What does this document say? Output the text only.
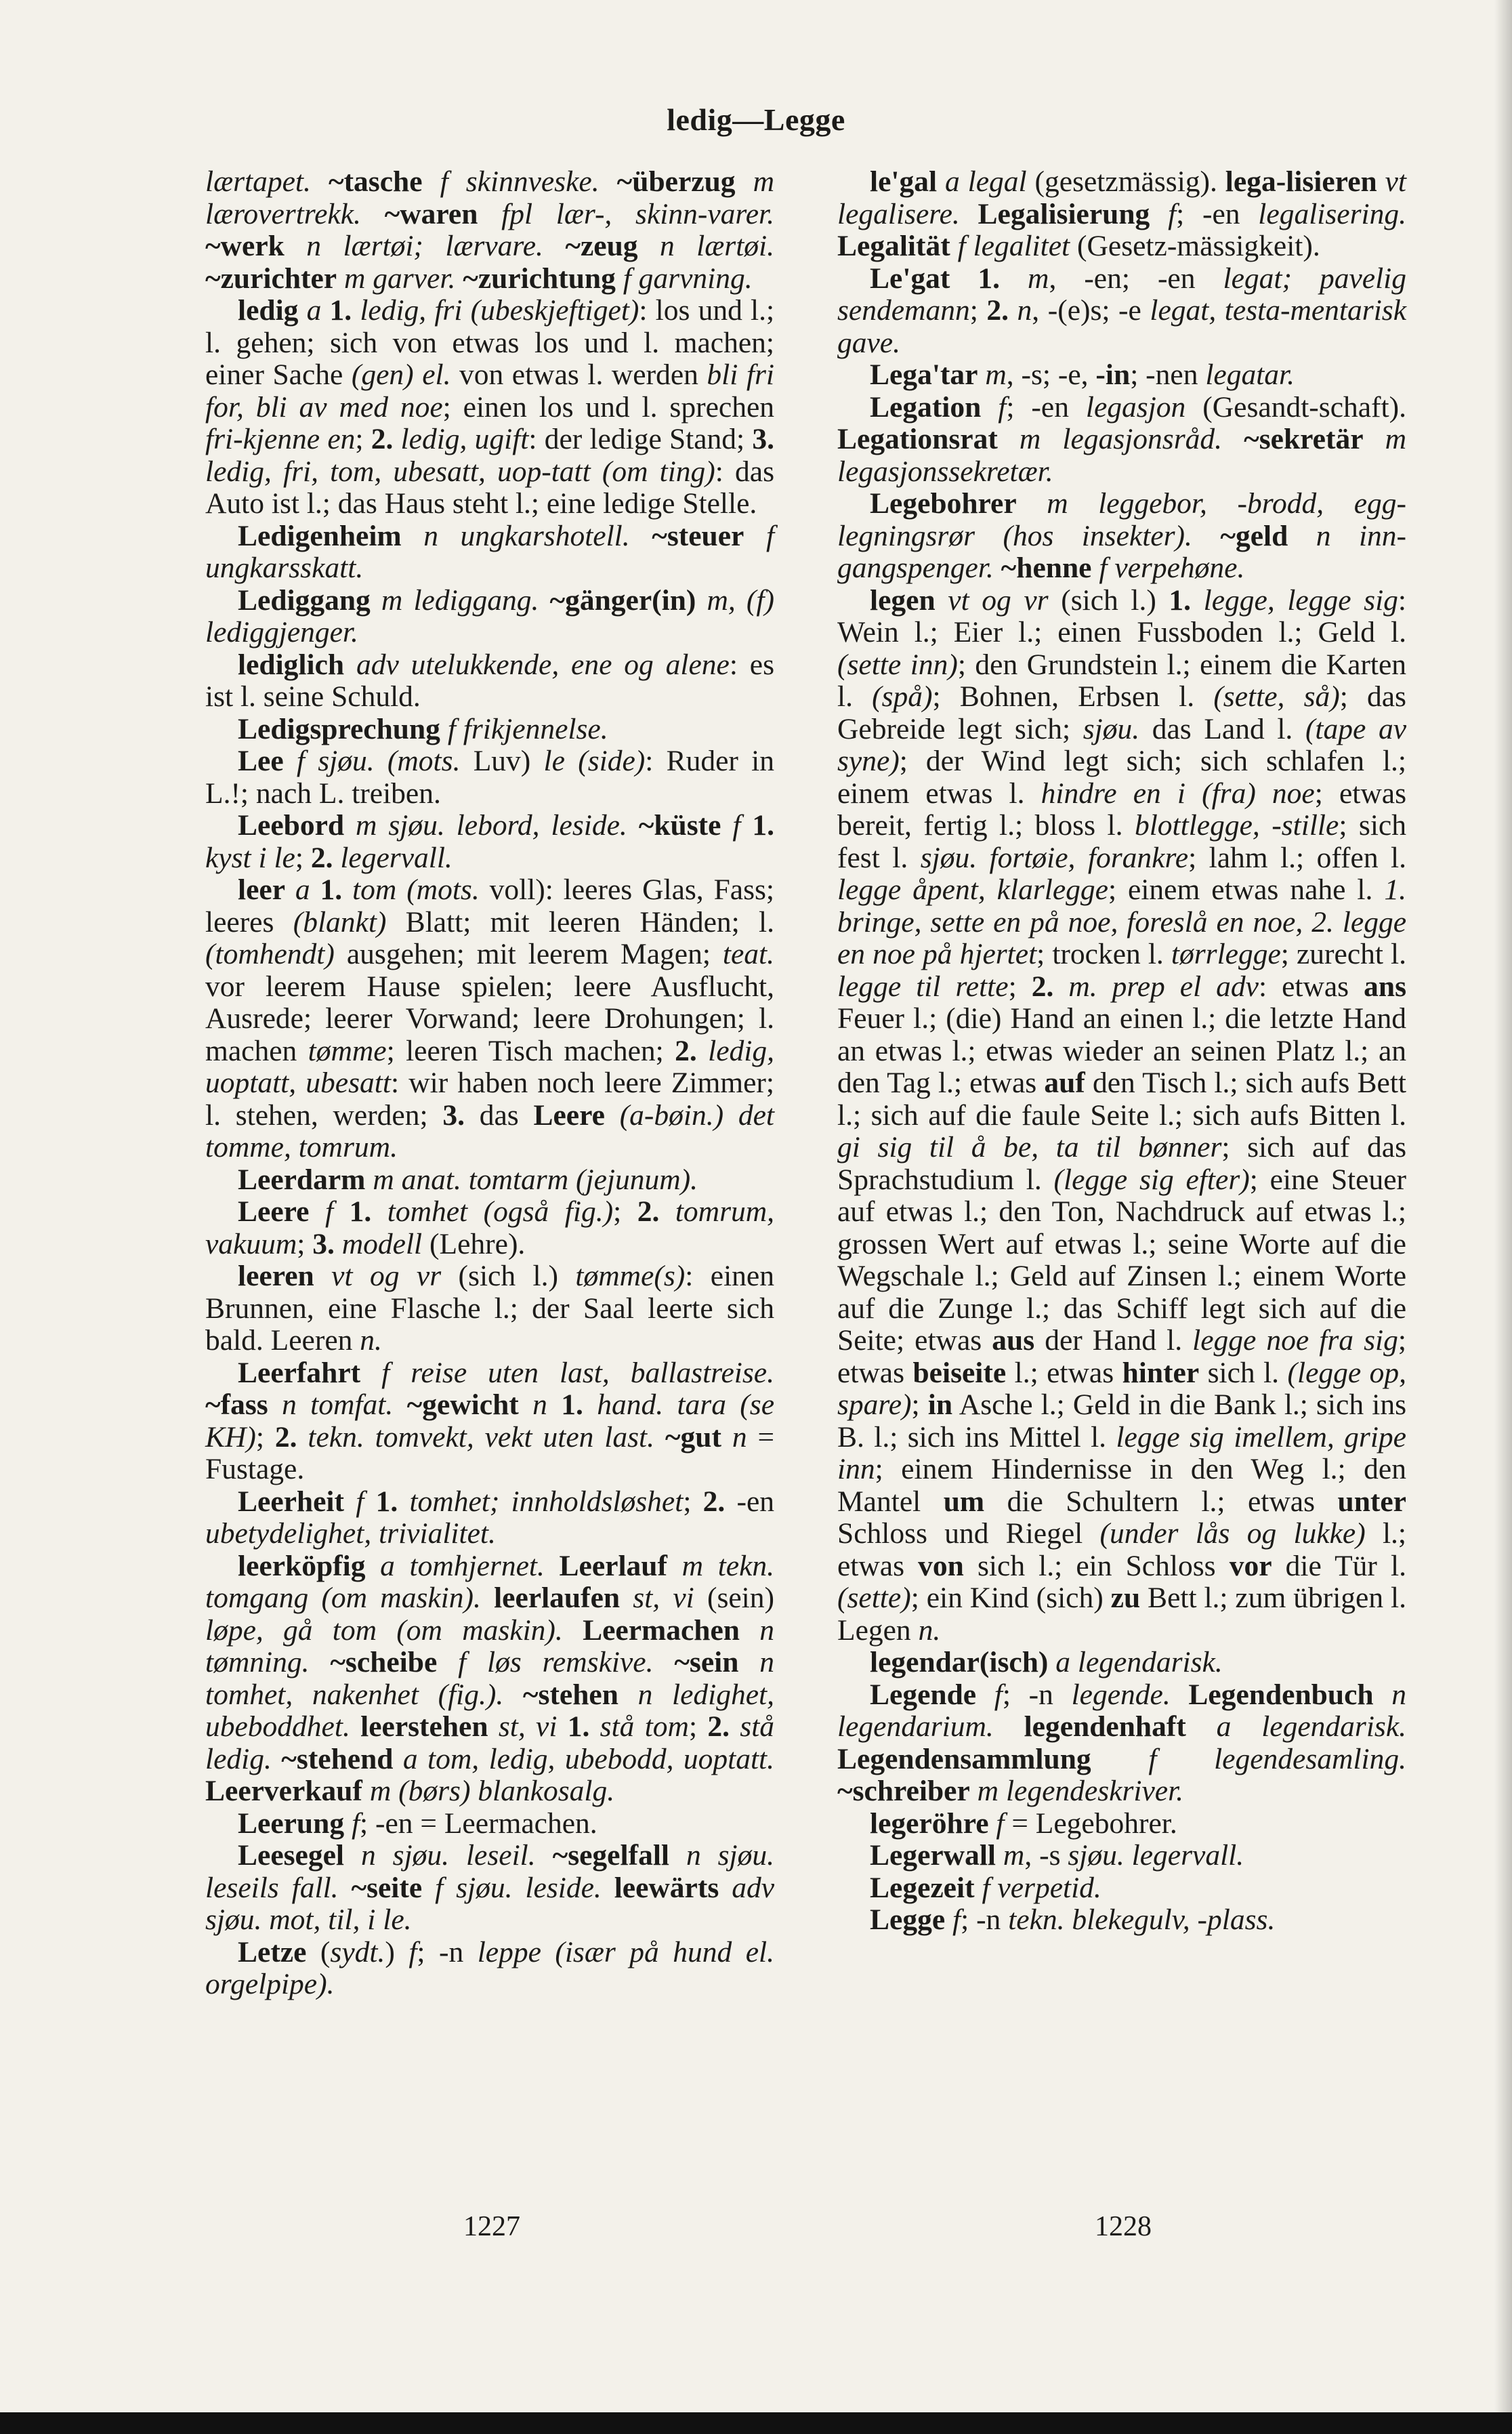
ledig—Legge

lærtapet. ~tasche f skinnveske. ~überzug m lærovertrekk. ~waren fpl lær-, skinn-varer. ~werk n lærtøi; lærvare. ~zeug n lærtøi. ~zurichter m garver. ~zurichtung f garvning.

ledig a 1. ledig, fri (ubeskjeftiget): los und l.; l. gehen; sich von etwas los und l. machen; einer Sache (gen) el. von etwas l. werden bli fri for, bli av med noe; einen los und l. sprechen fri-kjenne en; 2. ledig, ugift: der ledige Stand; 3. ledig, fri, tom, ubesatt, uop-tatt (om ting): das Auto ist l.; das Haus steht l.; eine ledige Stelle.

Ledigenheim n ungkarshotell. ~steuer f ungkarsskatt.

Lediggang m lediggang. ~gänger(in) m, (f) lediggjenger.

lediglich adv utelukkende, ene og alene: es ist l. seine Schuld.

Ledigsprechung f frikjennelse.

Lee f sjøu. (mots. Luv) le (side): Ruder in L.!; nach L. treiben.

Leebord m sjøu. lebord, leside. ~küste f 1. kyst i le; 2. legervall.

leer a 1. tom (mots. voll): leeres Glas, Fass; leeres (blankt) Blatt; mit leeren Händen; l. (tomhendt) ausgehen; mit leerem Magen; teat. vor leerem Hause spielen; leere Ausflucht, Ausrede; leerer Vorwand; leere Drohungen; l. machen tømme; leeren Tisch machen; 2. ledig, uoptatt, ubesatt: wir haben noch leere Zimmer; l. stehen, werden; 3. das Leere (a-bøin.) det tomme, tomrum.

Leerdarm m anat. tomtarm (jejunum).

Leere f 1. tomhet (også fig.); 2. tomrum, vakuum; 3. modell (Lehre).

leeren vt og vr (sich l.) tømme(s): einen Brunnen, eine Flasche l.; der Saal leerte sich bald. Leeren n.

Leerfahrt f reise uten last, ballastreise. ~fass n tomfat. ~gewicht n 1. hand. tara (se KH); 2. tekn. tomvekt, vekt uten last. ~gut n = Fustage.

Leerheit f 1. tomhet; innholdsløshet; 2. -en ubetydelighet, trivialitet.

leerköpfig a tomhjernet. Leerlauf m tekn. tomgang (om maskin). leerlaufen st, vi (sein) løpe, gå tom (om maskin). Leermachen n tømning. ~scheibe f løs remskive. ~sein n tomhet, nakenhet (fig.). ~stehen n ledighet, ubeboddhet. leerstehen st, vi 1. stå tom; 2. stå ledig. ~stehend a tom, ledig, ubebodd, uoptatt. Leerverkauf m (børs) blankosalg.

Leerung f; -en = Leermachen.

Leesegel n sjøu. leseil. ~segelfall n sjøu. leseils fall. ~seite f sjøu. leside. leewärts adv sjøu. mot, til, i le.

Letze (sydt.) f; -n leppe (især på hund el. orgelpipe).

le'gal a legal (gesetzmässig). lega-lisieren vt legalisere. Legalisierung f; -en legalisering. Legalität f legalitet (Gesetz-mässigkeit).

Le'gat 1. m, -en; -en legat; pavelig sendemann; 2. n, -(e)s; -e legat, testa-mentarisk gave.

Lega'tar m, -s; -e, -in; -nen legatar.

Legation f; -en legasjon (Gesandt-schaft). Legationsrat m legasjonsråd. ~sekretär m legasjonssekretær.

Legebohrer m leggebor, -brodd, egg-legningsrør (hos insekter). ~geld n inn-gangspenger. ~henne f verpehøne.

legen vt og vr (sich l.) 1. legge, legge sig: Wein l.; Eier l.; einen Fussboden l.; Geld l. (sette inn); den Grundstein l.; einem die Karten l. (spå); Bohnen, Erbsen l. (sette, så); das Gebreide legt sich; sjøu. das Land l. (tape av syne); der Wind legt sich; sich schlafen l.; einem etwas l. hindre en i (fra) noe; etwas bereit, fertig l.; bloss l. blottlegge, -stille; sich fest l. sjøu. fortøie, forankre; lahm l.; offen l. legge åpent, klarlegge; einem etwas nahe l. 1. bringe, sette en på noe, foreslå en noe, 2. legge en noe på hjertet; trocken l. tørrlegge; zurecht l. legge til rette; 2. m. prep el adv: etwas ans Feuer l.; (die) Hand an einen l.; die letzte Hand an etwas l.; etwas wieder an seinen Platz l.; an den Tag l.; etwas auf den Tisch l.; sich aufs Bett l.; sich auf die faule Seite l.; sich aufs Bitten l. gi sig til å be, ta til bønner; sich auf das Sprachstudium l. (legge sig efter); eine Steuer auf etwas l.; den Ton, Nachdruck auf etwas l.; grossen Wert auf etwas l.; seine Worte auf die Wegschale l.; Geld auf Zinsen l.; einem Worte auf die Zunge l.; das Schiff legt sich auf die Seite; etwas aus der Hand l. legge noe fra sig; etwas beiseite l.; etwas hinter sich l. (legge op, spare); in Asche l.; Geld in die Bank l.; sich ins B. l.; sich ins Mittel l. legge sig imellem, gripe inn; einem Hindernisse in den Weg l.; den Mantel um die Schultern l.; etwas unter Schloss und Riegel (under lås og lukke) l.; etwas von sich l.; ein Schloss vor die Tür l. (sette); ein Kind (sich) zu Bett l.; zum übrigen l. Legen n.

legendar(isch) a legendarisk.

Legende f; -n legende. Legendenbuch n legendarium. legendenhaft a legendarisk. Legendensammlung f legendesamling. ~schreiber m legendeskriver.

legeröhre f = Legebohrer.

Legerwall m, -s sjøu. legervall.

Legezeit f verpetid.

Legge f; -n tekn. blekegulv, -plass.

1227	1228
